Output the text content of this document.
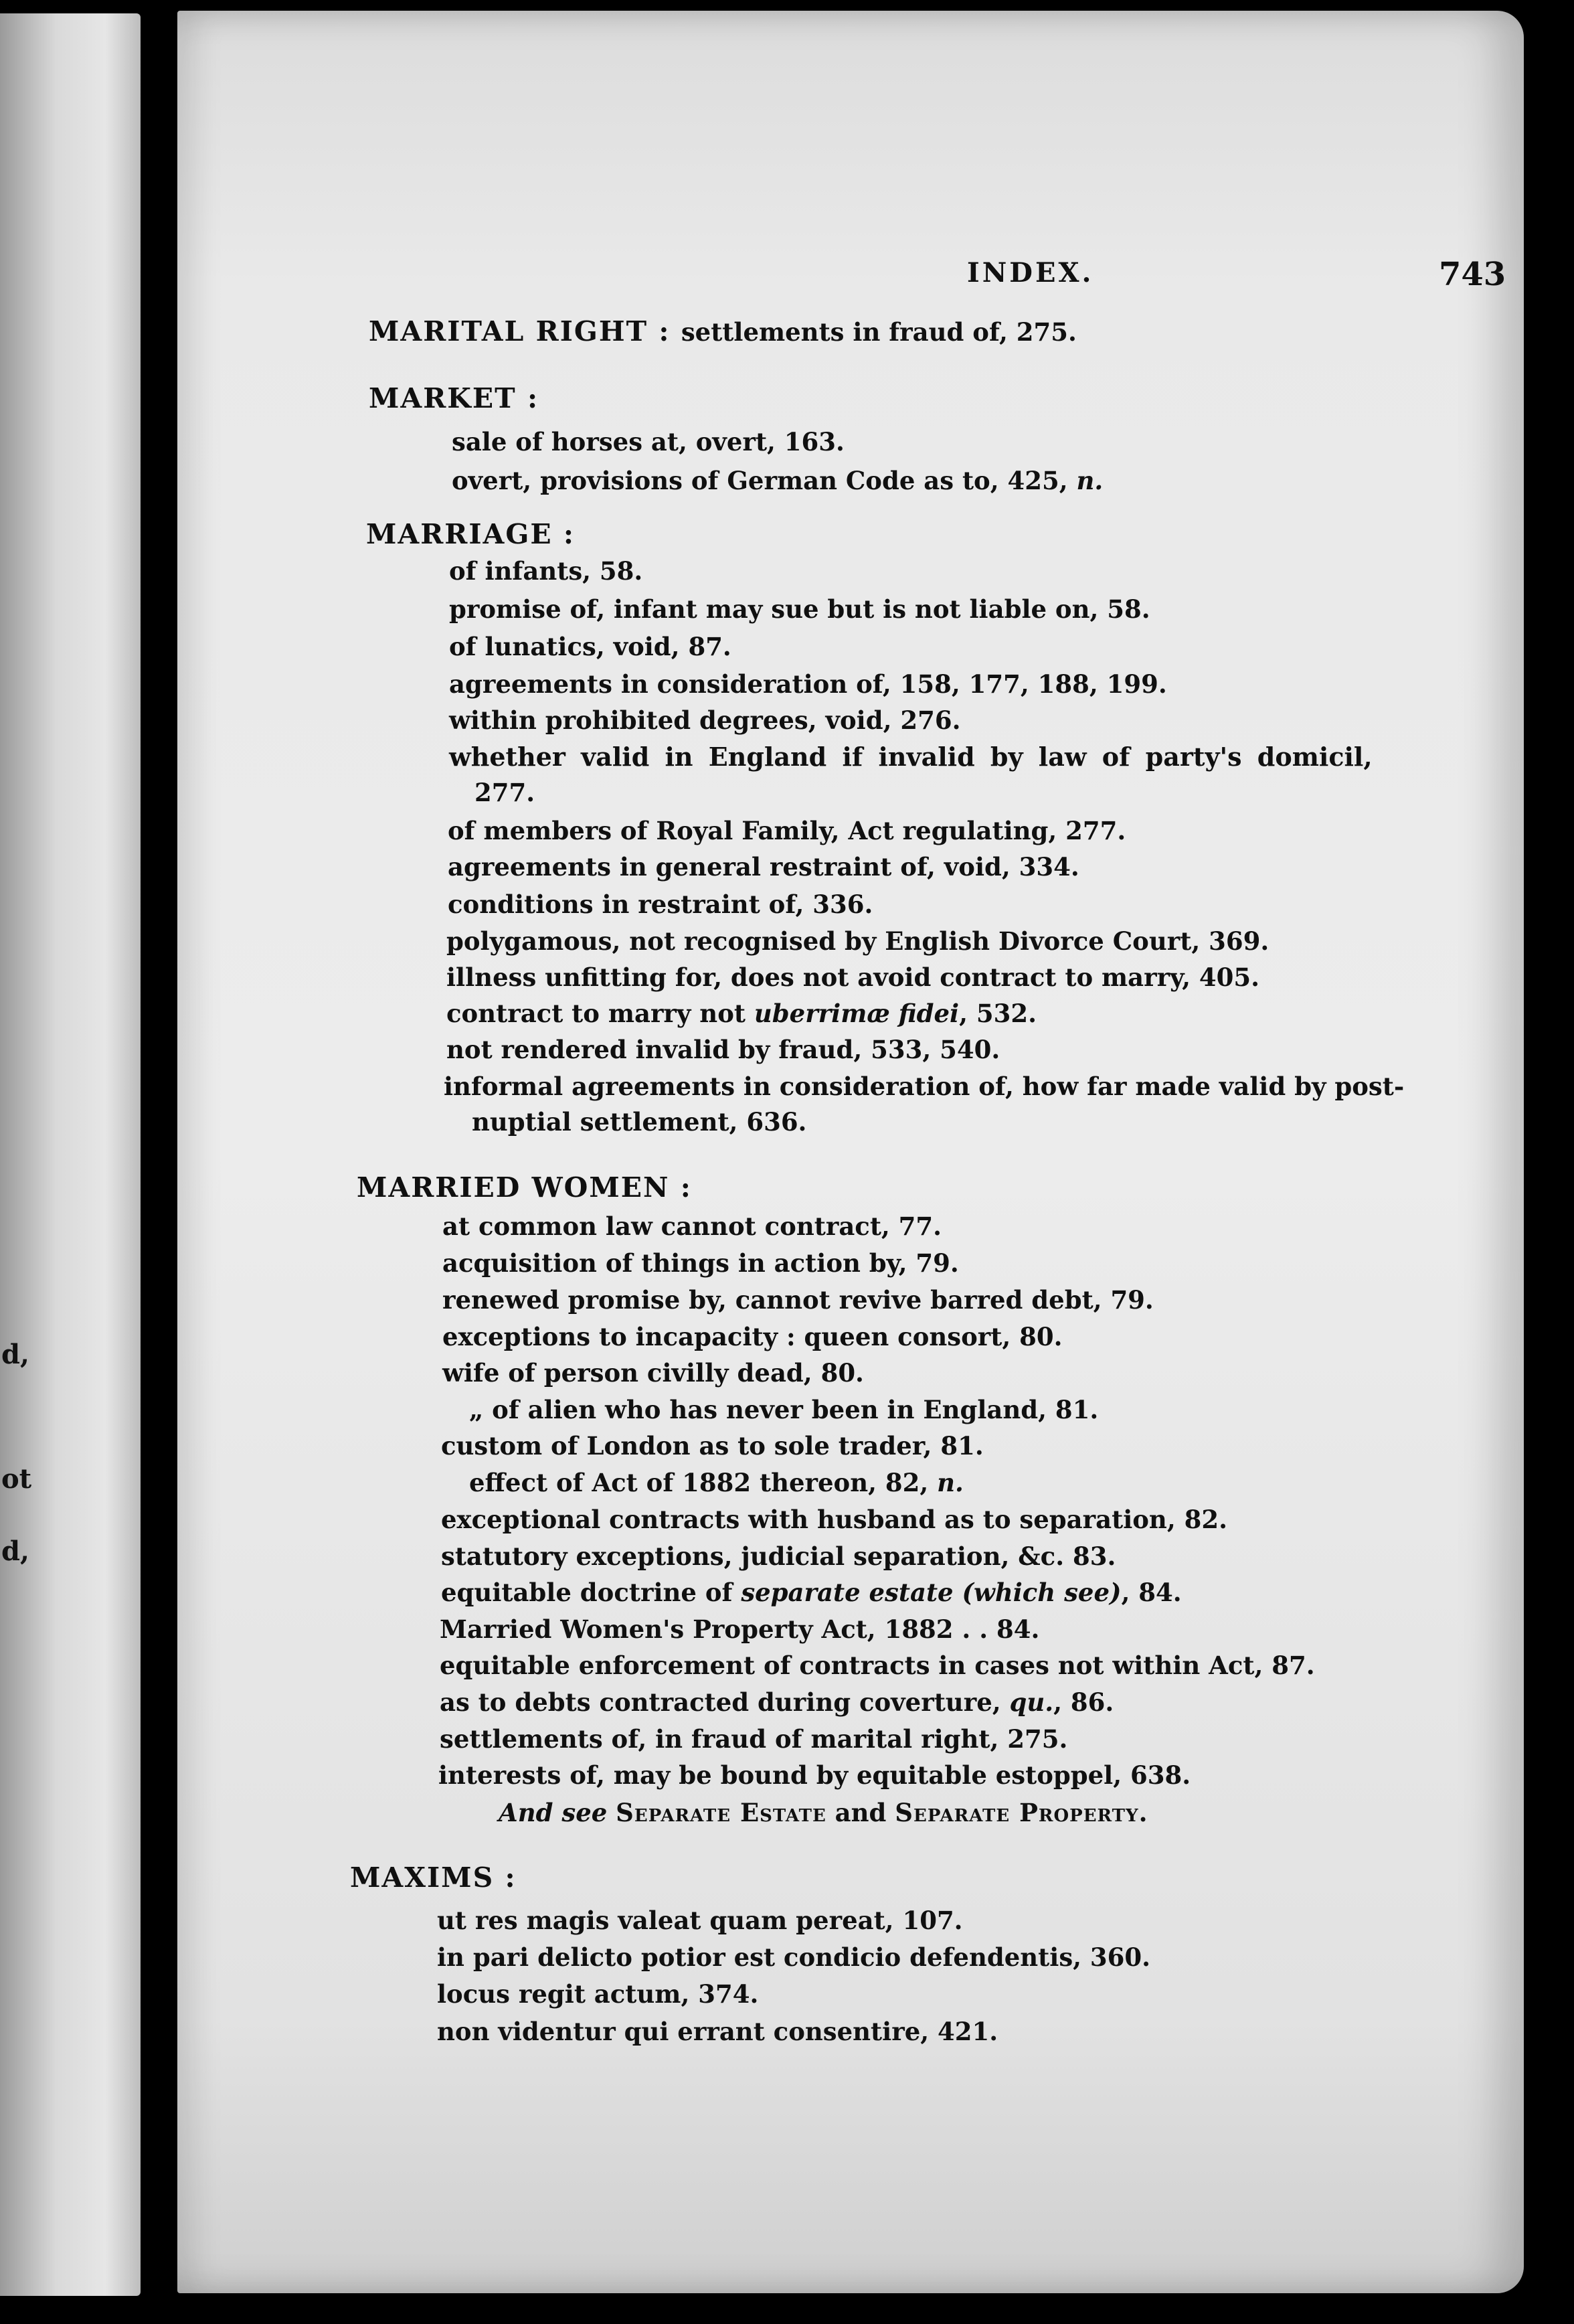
d,

ot

d,

INDEX.	743

MARITAL RIGHT : settlements in fraud of, 275.

MARKET :

sale of horses at, overt, 163.

overt, provisions of German Code as to, 425, n.

MARRIAGE :

of infants, 58.

promise of, infant may sue but is not liable on, 58.

of lunatics, void, 87.

agreements in consideration of, 158, 177, 188, 199.

within prohibited degrees, void, 276.

whether valid in England if invalid by law of party's domicil,

277.

of members of Royal Family, Act regulating, 277.

agreements in general restraint of, void, 334.

conditions in restraint of, 336.

polygamous, not recognised by English Divorce Court, 369.

illness unfitting for, does not avoid contract to marry, 405.

contract to marry not uberrimæ fidei, 532.

not rendered invalid by fraud, 533, 540.

informal agreements in consideration of, how far made valid by post-

nuptial settlement, 636.

MARRIED WOMEN :

at common law cannot contract, 77.

acquisition of things in action by, 79.

renewed promise by, cannot revive barred debt, 79.

exceptions to incapacity : queen consort, 80.

wife of person civilly dead, 80.

„ of alien who has never been in England, 81.

custom of London as to sole trader, 81.

effect of Act of 1882 thereon, 82, n.

exceptional contracts with husband as to separation, 82.

statutory exceptions, judicial separation, &c. 83.

equitable doctrine of separate estate (which see), 84.

Married Women's Property Act, 1882 . . 84.

equitable enforcement of contracts in cases not within Act, 87.

as to debts contracted during coverture, qu., 86.

settlements of, in fraud of marital right, 275.

interests of, may be bound by equitable estoppel, 638.

And see Separate Estate and Separate Property.

MAXIMS :

ut res magis valeat quam pereat, 107.

in pari delicto potior est condicio defendentis, 360.

locus regit actum, 374.

non videntur qui errant consentire, 421.
